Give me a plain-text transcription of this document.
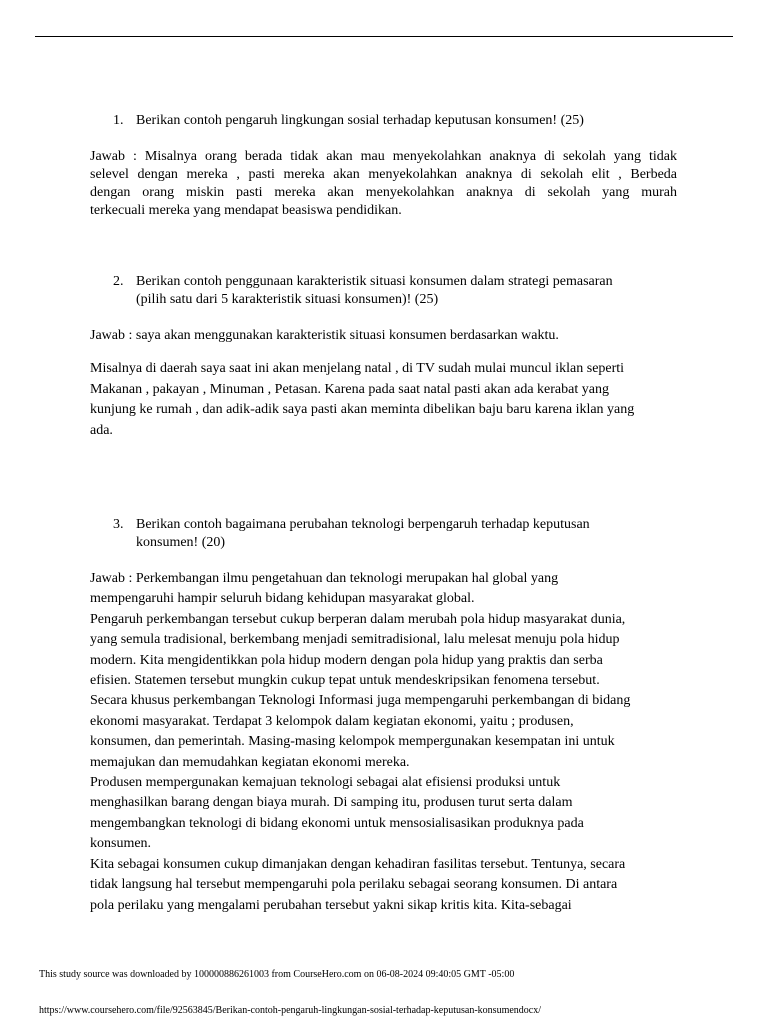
1. Berikan contoh pengaruh lingkungan sosial terhadap keputusan konsumen! (25)
Jawab : Misalnya orang berada tidak akan mau menyekolahkan anaknya di sekolah yang tidak
selevel dengan mereka , pasti mereka akan menyekolahkan anaknya di sekolah elit , Berbeda
dengan orang miskin pasti mereka akan menyekolahkan anaknya di sekolah yang murah
terkecuali mereka yang mendapat beasiswa pendidikan.
2. Berikan contoh penggunaan karakteristik situasi konsumen dalam strategi pemasaran
(pilih satu dari 5 karakteristik situasi konsumen)! (25)
Jawab : saya akan menggunakan karakteristik situasi konsumen berdasarkan waktu.
Misalnya di daerah saya saat ini akan menjelang natal , di TV sudah mulai muncul iklan seperti
Makanan , pakayan , Minuman , Petasan. Karena pada saat natal pasti akan ada kerabat yang
kunjung ke rumah , dan adik-adik saya pasti akan meminta dibelikan baju baru karena iklan yang
ada.
3. Berikan contoh bagaimana perubahan teknologi berpengaruh terhadap keputusan
konsumen! (20)
Jawab : Perkembangan ilmu pengetahuan dan teknologi merupakan hal global yang
mempengaruhi hampir seluruh bidang kehidupan masyarakat global.
Pengaruh perkembangan tersebut cukup berperan dalam merubah pola hidup masyarakat dunia,
yang semula tradisional, berkembang menjadi semitradisional, lalu melesat menuju pola hidup
modern. Kita mengidentikkan pola hidup modern dengan pola hidup yang praktis dan serba
efisien. Statemen tersebut mungkin cukup tepat untuk mendeskripsikan fenomena tersebut.
Secara khusus perkembangan Teknologi Informasi juga mempengaruhi perkembangan di bidang
ekonomi masyarakat. Terdapat 3 kelompok dalam kegiatan ekonomi, yaitu ; produsen,
konsumen, dan pemerintah. Masing-masing kelompok mempergunakan kesempatan ini untuk
memajukan dan memudahkan kegiatan ekonomi mereka.
Produsen mempergunakan kemajuan teknologi sebagai alat efisiensi produksi untuk
menghasilkan barang dengan biaya murah. Di samping itu, produsen turut serta dalam
mengembangkan teknologi di bidang ekonomi untuk mensosialisasikan produknya pada
konsumen.
Kita sebagai konsumen cukup dimanjakan dengan kehadiran fasilitas tersebut. Tentunya, secara
tidak langsung hal tersebut mempengaruhi pola perilaku sebagai seorang konsumen. Di antara
pola perilaku yang mengalami perubahan tersebut yakni sikap kritis kita. Kita-sebagai
This study source was downloaded by 100000886261003 from CourseHero.com on 06-08-2024 09:40:05 GMT -05:00
https://www.coursehero.com/file/92563845/Berikan-contoh-pengaruh-lingkungan-sosial-terhadap-keputusan-konsumendocx/
